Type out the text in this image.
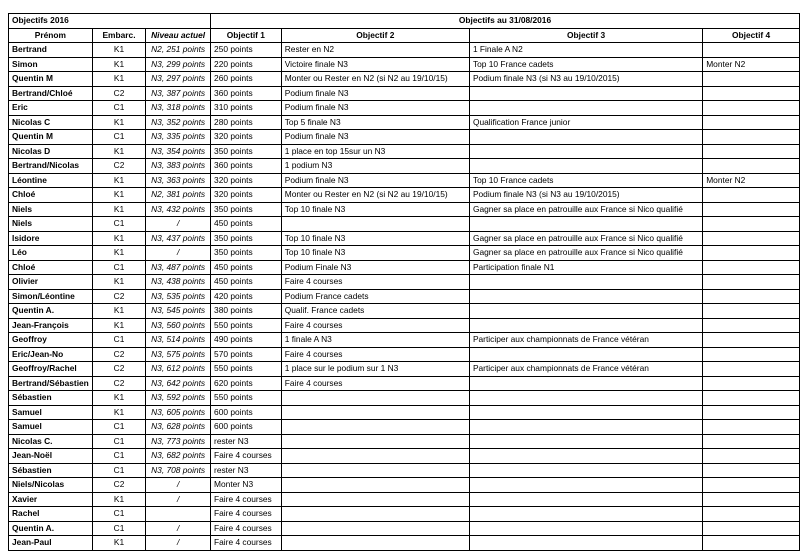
Objectifs 2016			Objectifs au 31/08/2016			
Prénom	Embarc.	Niveau actuel	Objectif 1	Objectif 2	Objectif 3	Objectif 4
Bertrand	K1	N2, 251 points	250 points	Rester en N2	1 Finale A N2	
Simon	K1	N3, 299 points	220 points	Victoire finale N3	Top 10 France cadets	Monter N2
Quentin M	K1	N3, 297 points	260 points	Monter ou Rester en N2 (si N2 au 19/10/15)	Podium finale N3 (si N3 au 19/10/2015)	
Bertrand/Chloé	C2	N3, 387 points	360 points	Podium finale N3		
Eric	C1	N3, 318 points	310 points	Podium finale N3		
Nicolas C	K1	N3, 352 points	280 points	Top 5 finale N3	Qualification France junior	
Quentin M	C1	N3, 335 points	320 points	Podium finale N3		
Nicolas D	K1	N3, 354 points	350 points	1 place en top 15sur un N3		
Bertrand/Nicolas	C2	N3, 383 points	360 points	1 podium N3		
Léontine	K1	N3, 363 points	320 points	Podium finale N3	Top 10 France cadets	Monter N2
Chloé	K1	N2, 381 points	320 points	Monter ou Rester en N2 (si N2 au 19/10/15)	Podium finale N3 (si N3 au 19/10/2015)	
Niels	K1	N3, 432 points	350 points	Top 10 finale N3	Gagner sa place en patrouille aux France si Nico qualifié	
Niels	C1	/	450 points			
Isidore	K1	N3, 437 points	350 points	Top 10 finale N3	Gagner sa place en patrouille aux France si Nico qualifié	
Léo	K1	/	350 points	Top 10 finale N3	Gagner sa place en patrouille aux France si Nico qualifié	
Chloé	C1	N3, 487 points	450 points	Podium Finale N3	Participation finale N1	
Olivier	K1	N3, 438 points	450 points	Faire 4 courses		
Simon/Léontine	C2	N3, 535 points	420 points	Podium France cadets		
Quentin A.	K1	N3, 545 points	380 points	Qualif. France cadets		
Jean-François	K1	N3, 560 points	550 points	Faire 4 courses		
Geoffroy	C1	N3, 514 points	490 points	1 finale A N3	Participer aux championnats de France vétéran	
Eric/Jean-No	C2	N3, 575 points	570 points	Faire 4 courses		
Geoffroy/Rachel	C2	N3, 612 points	550 points	1 place sur le podium sur 1 N3	Participer aux championnats de France vétéran	
Bertrand/Sébastien	C2	N3, 642 points	620 points	Faire 4 courses		
Sébastien	K1	N3, 592 points	550 points			
Samuel	K1	N3, 605 points	600 points			
Samuel	C1	N3, 628 points	600 points			
Nicolas C.	C1	N3, 773 points	rester N3			
Jean-Noël	C1	N3, 682 points	Faire 4 courses			
Sébastien	C1	N3, 708 points	rester N3			
Niels/Nicolas	C2	/	Monter N3			
Xavier	K1	/	Faire 4 courses			
Rachel	C1		Faire 4 courses			
Quentin A.	C1	/	Faire 4 courses			
Jean-Paul	K1	/	Faire 4 courses			
